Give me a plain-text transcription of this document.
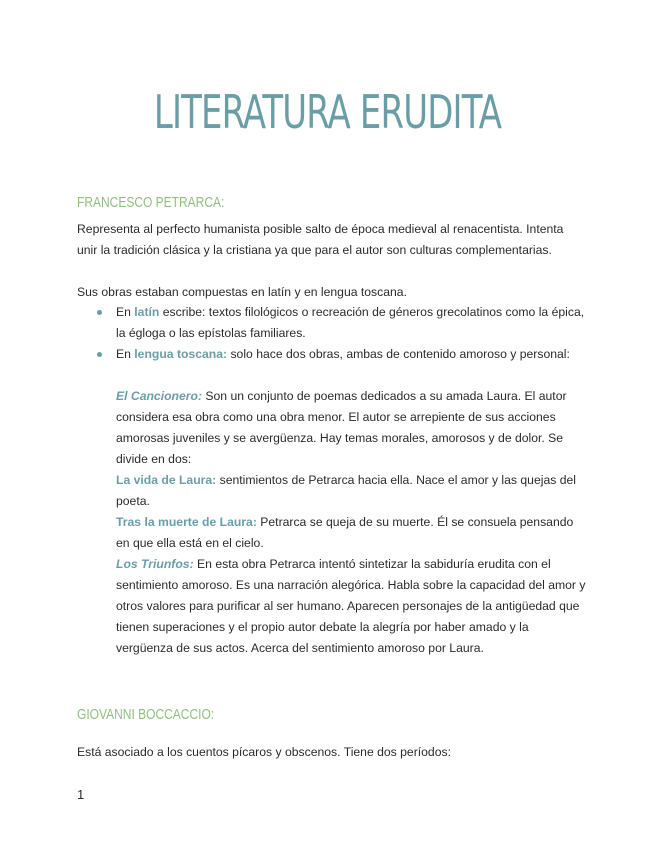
LITERATURA ERUDITA
FRANCESCO PETRARCA:

Representa al perfecto humanista posible salto de época medieval al renacentista. Intenta unir la tradición clásica y la cristiana ya que para el autor son culturas complementarias.

Sus obras estaban compuestas en latín y en lengua toscana.

En latín escribe: textos filológicos o recreación de géneros grecolatinos como la épica, la égloga o las epístolas familiares.
En lengua toscana: solo hace dos obras, ambas de contenido amoroso y personal:

El Cancionero: Son un conjunto de poemas dedicados a su amada Laura. El autor considera esa obra como una obra menor. El autor se arrepiente de sus acciones amorosas juveniles y se avergüenza. Hay temas morales, amorosos y de dolor. Se divide en dos:

La vida de Laura: sentimientos de Petrarca hacia ella. Nace el amor y las quejas del poeta.

Tras la muerte de Laura: Petrarca se queja de su muerte. Él se consuela pensando en que ella está en el cielo.

Los Triunfos: En esta obra Petrarca intentó sintetizar la sabiduría erudita con el sentimiento amoroso. Es una narración alegórica. Habla sobre la capacidad del amor y otros valores para purificar al ser humano. Aparecen personajes de la antigüedad que tienen superaciones y el propio autor debate la alegría por haber amado y la vergüenza de sus actos. Acerca del sentimiento amoroso por Laura.

GIOVANNI BOCCACCIO:

Está asociado a los cuentos pícaros y obscenos. Tiene dos períodos:

1
